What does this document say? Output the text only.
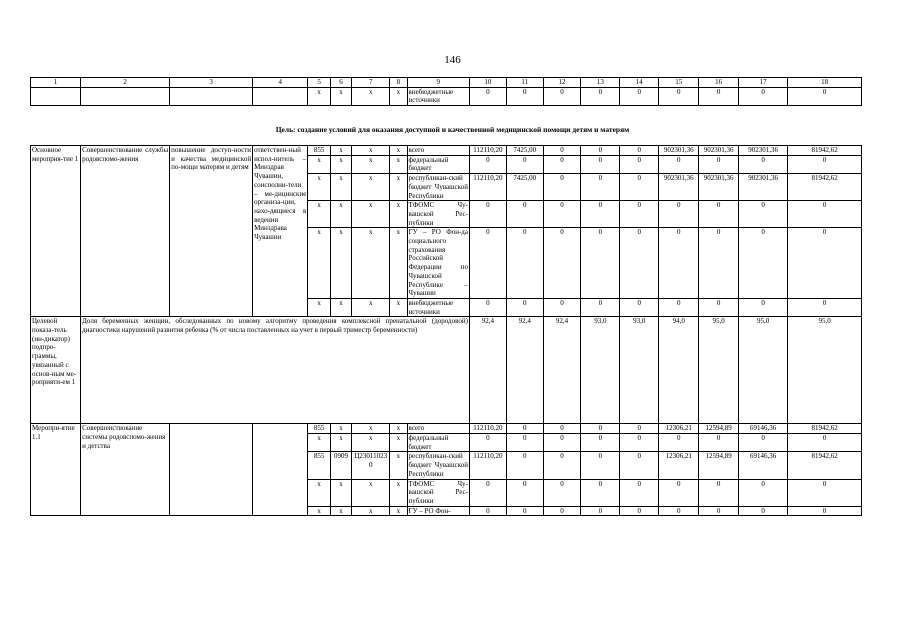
146
1	2	3	4	5	6	7	8	9	10	11	12	13	14	15	16	17	18
				x	x	x	x	внебюджетные источники	0	0	0	0	0	0	0	0	0
Цель: создание условий для оказания доступной и качественной медицинской помощи детям и матерям
Основное мероприя-тие 1	Совершенствование службы родовспомо-жения	повышение доступ-ности и качества медицинской по-мощи матерям и детям	ответствен-ный испол-нитель – Минздрав Чувашии, соисполни-тели – ме-дицинские организа-ции, нахо-дящиеся в ведении Минздрава Чувашии	855	x	x	x	всего	112110,20	7425,00	0	0	0	902301,36	902301,36	902301,36	81942,62
				x	x	x	x	федеральный бюджет	0	0	0	0	0	0	0	0	0
				x	x	x	x	республикан-ский бюджет Чувашской Республики	112110,20	7425,00	0	0	0	902301,36	902301,36	902301,36	81942,62
				x	x	x	x	ТФОМС Чу-вашской Рес-публики	0	0	0	0	0	0	0	0	0
				x	x	x	x	ГУ – РО Фон-да социального страхования Российской Федерации по Чувашской Республике – Чувашии	0	0	0	0	0	0	0	0	0
				x	x	x	x	внебюджетные источники	0	0	0	0	0	0	0	0	0
Целевой показа-тель (ин-дикатор) подпро-граммы, увязанный с основ-ным ме-роприяти-ем 1	Доля беременных женщин, обследованных по новому алгоритму проведения комплексной пренатальной (дородовой) диагностики нарушений развития ребенка (% от числа поставленных на учет в первый триместр беременности)								92,4	92,4	92,4	93,0	93,0	94,0	95,0	95,0	95,0
Меропри-ятие 1.1	Совершенствование системы родовспомо-жения и детства			855	x	x	x	всего	112110,20	0	0	0	0	12306,21	12594,89	69146,36	81942,62
				x	x	x	x	федеральный бюджет	0	0	0	0	0	0	0	0	0
				855	0909	Ц230110230	x	республикан-ский бюджет Чувашской Республики	112110,20	0	0	0	0	12306,21	12594,89	69146,36	81942,62
				x	x	x	x	ТФОМС Чу-вашской Рес-публики	0	0	0	0	0	0	0	0	0
				x	x	x	x	ГУ – РО Фон-	0	0	0	0	0	0	0	0	0
